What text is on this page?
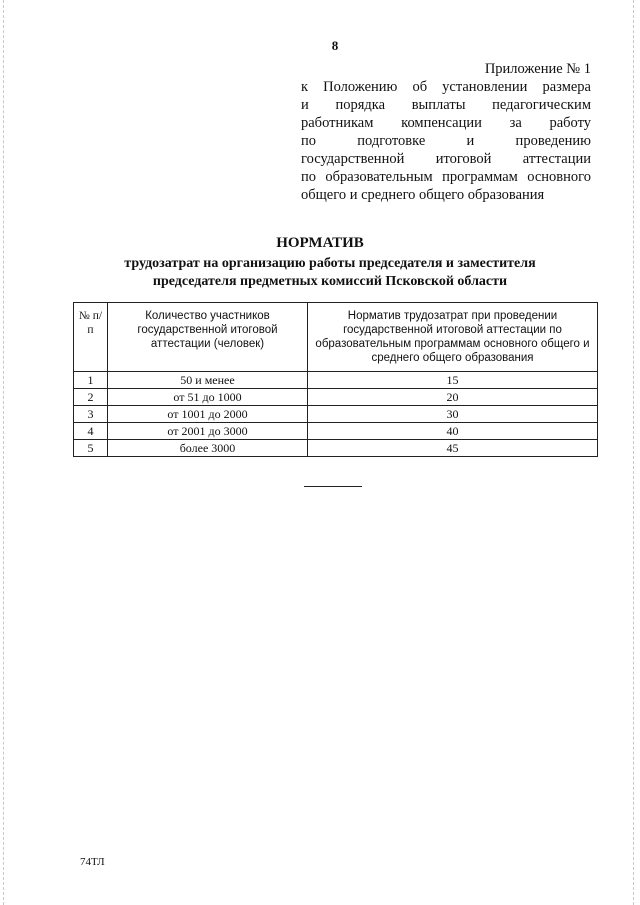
8
Приложение № 1
к Положению об установлении размера
и порядка выплаты педагогическим
работникам компенсации за работу
по подготовке и проведению
государственной итоговой аттестации
по образовательным программам основного
общего и среднего общего образования
НОРМАТИВ
трудозатрат на организацию работы председателя и заместителя
председателя предметных комиссий Псковской области
№ п/п	Количество участников государственной итоговой аттестации (человек)	Норматив трудозатрат при проведении государственной итоговой аттестации по образовательным программам основного общего и среднего общего образования
1	50 и менее	15
2	от 51 до 1000	20
3	от 1001 до 2000	30
4	от 2001 до 3000	40
5	более 3000	45
74ТЛ
